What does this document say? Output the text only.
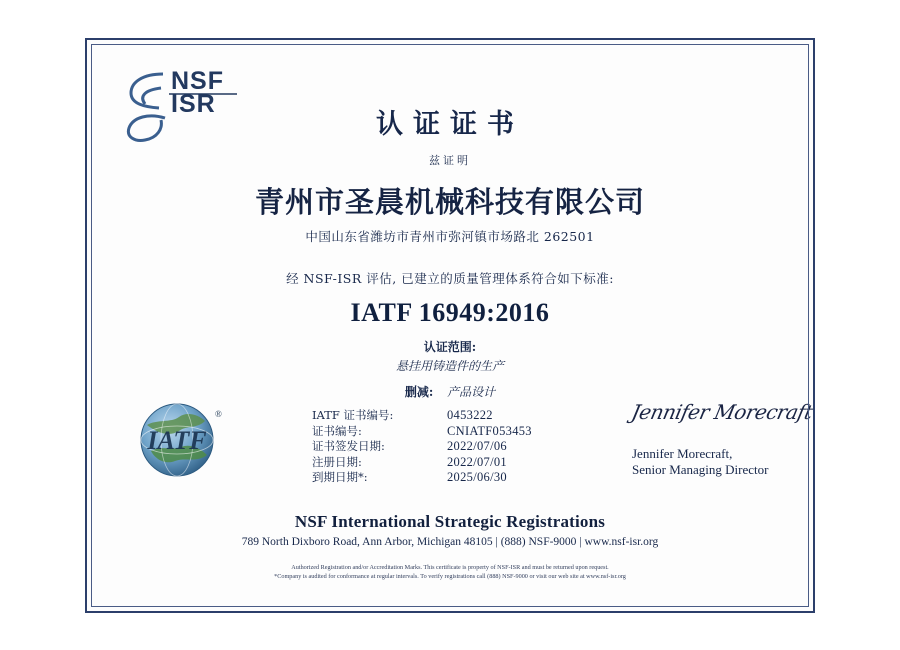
NSF
ISR
认证证书
兹证明
青州市圣晨机械科技有限公司
中国山东省潍坊市青州市弥河镇市场路北 262501
经 NSF-ISR 评估, 已建立的质量管理体系符合如下标准:
IATF 16949:2016
认证范围:
悬挂用铸造件的生产
删减: 产品设计
IATF
®	IATF 证书编号:	0453222
证书编号:	CNIATF053453
证书签发日期:	2022/07/06
注册日期:	2022/07/01
到期日期*:	2025/06/30
Jennifer Morecraft
Jennifer Morecraft,
Senior Managing Director
NSF International Strategic Registrations
789 North Dixboro Road, Ann Arbor, Michigan 48105 | (888) NSF-9000 | www.nsf-isr.org
Authorized Registration and/or Accreditation Marks. This certificate is property of NSF-ISR and must be returned upon request.
*Company is audited for conformance at regular intervals. To verify registrations call (888) NSF-9000 or visit our web site at www.nsf-isr.org
